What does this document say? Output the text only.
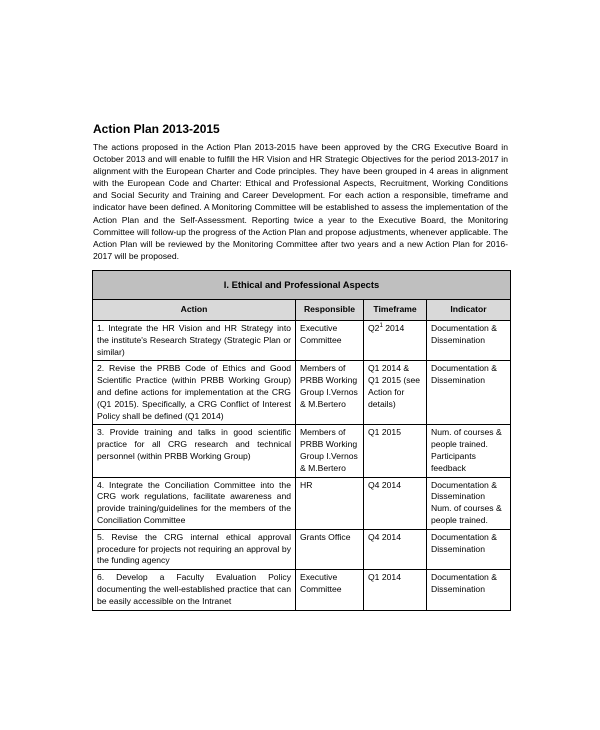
Action Plan 2013-2015
The actions proposed in the Action Plan 2013-2015 have been approved by the CRG Executive Board in October 2013 and will enable to fulfill the HR Vision and HR Strategic Objectives for the period 2013-2017 in alignment with the European Charter and Code principles. They have been grouped in 4 areas in alignment with the European Code and Charter: Ethical and Professional Aspects, Recruitment, Working Conditions and Social Security and Training and Career Development. For each action a responsible, timeframe and indicator have been defined. A Monitoring Committee will be established to assess the implementation of the Action Plan and the Self-Assessment. Reporting twice a year to the Executive Board, the Monitoring Committee will follow-up the progress of the Action Plan and propose adjustments, whenever applicable. The Action Plan will be reviewed by the Monitoring Committee after two years and a new Action Plan for 2016-2017 will be proposed.
I. Ethical and Professional Aspects			
Action	Responsible	Timeframe	Indicator
1. Integrate the HR Vision and HR Strategy into the institute's Research Strategy (Strategic Plan or similar)	Executive Committee	$Q2^1$ 2014	Documentation & Dissemination
2. Revise the PRBB Code of Ethics and Good Scientific Practice (within PRBB Working Group) and define actions for implementation at the CRG (Q1 2015). Specifically, a CRG Conflict of Interest Policy shall be defined (Q1 2014)	Members of PRBB Working Group I.Vernos & M.Bertero	Q1 2014 & Q1 2015 (see Action for details)	Documentation & Dissemination
3. Provide training and talks in good scientific practice for all CRG research and technical personnel (within PRBB Working Group)	Members of PRBB Working Group I.Vernos & M.Bertero	Q1 2015	Num. of courses & people trained. Participants feedback
4. Integrate the Conciliation Committee into the CRG work regulations, facilitate awareness and provide training/guidelines for the members of the Conciliation Committee	HR	Q4 2014	Documentation & Dissemination Num. of courses & people trained.
5. Revise the CRG internal ethical approval procedure for projects not requiring an approval by the funding agency	Grants Office	Q4 2014	Documentation & Dissemination
6. Develop a Faculty Evaluation Policy documenting the well-established practice that can be easily accessible on the Intranet	Executive Committee	Q1 2014	Documentation & Dissemination
